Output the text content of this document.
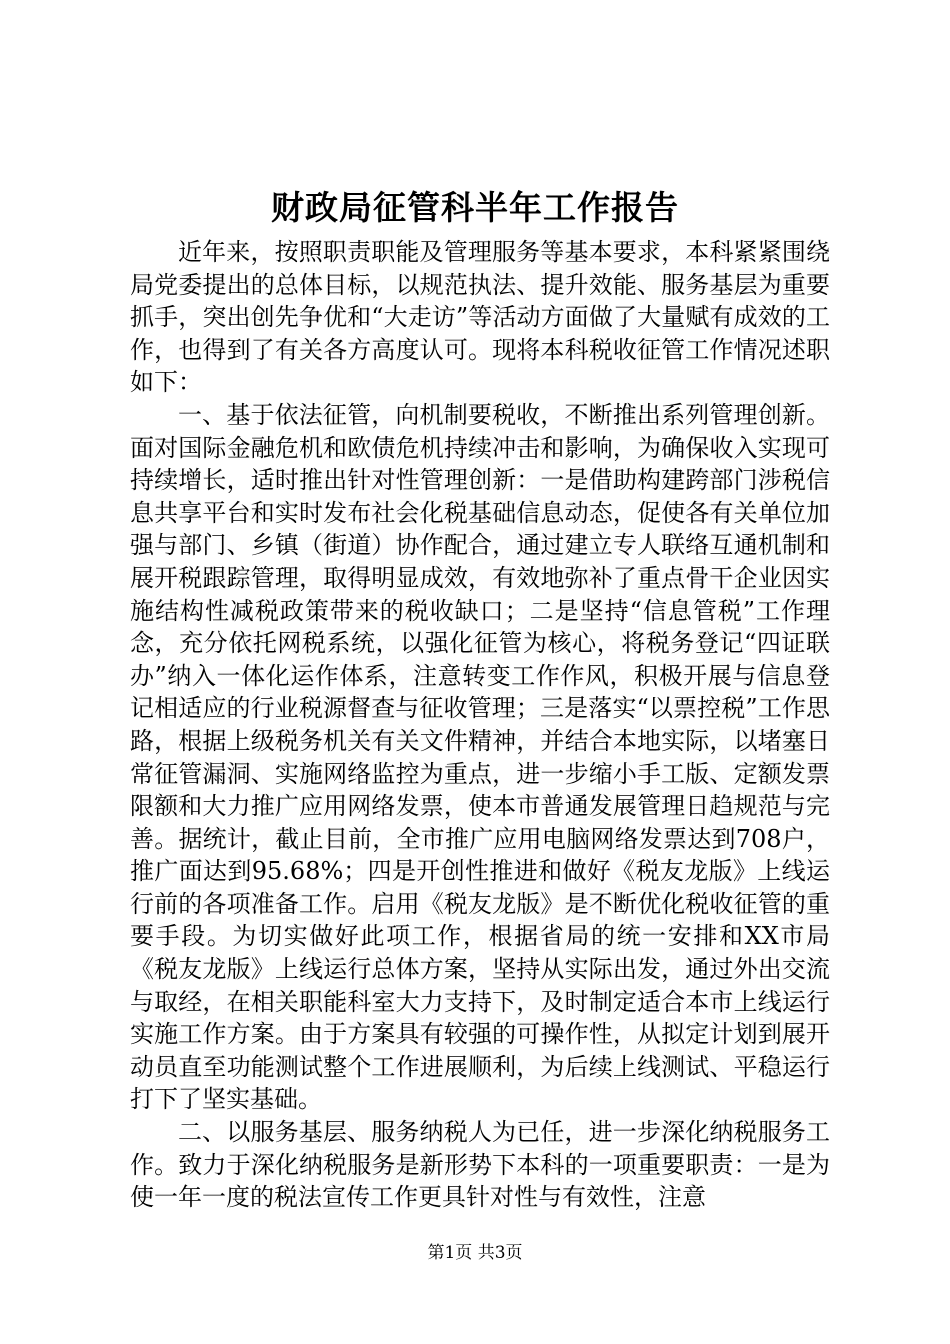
财政局征管科半年工作报告

近年来，按照职责职能及管理服务等基本要求，本科紧紧围绕局党委提出的总体目标，以规范执法、提升效能、服务基层为重要抓手，突出创先争优和“大走访”等活动方面做了大量赋有成效的工作，也得到了有关各方高度认可。现将本科税收征管工作情况述职如下：

一、基于依法征管，向机制要税收，不断推出系列管理创新。面对国际金融危机和欧债危机持续冲击和影响，为确保收入实现可持续增长，适时推出针对性管理创新：一是借助构建跨部门涉税信息共享平台和实时发布社会化税基础信息动态，促使各有关单位加强与部门、乡镇（街道）协作配合，通过建立专人联络互通机制和展开税跟踪管理，取得明显成效，有效地弥补了重点骨干企业因实施结构性减税政策带来的税收缺口；二是坚持“信息管税”工作理念，充分依托网税系统，以强化征管为核心，将税务登记“四证联办”纳入一体化运作体系，注意转变工作作风，积极开展与信息登记相适应的行业税源督查与征收管理；三是落实“以票控税”工作思路，根据上级税务机关有关文件精神，并结合本地实际，以堵塞日常征管漏洞、实施网络监控为重点，进一步缩小手工版、定额发票限额和大力推广应用网络发票，使本市普通发展管理日趋规范与完善。据统计，截止目前，全市推广应用电脑网络发票达到708户，推广面达到95.68%；四是开创性推进和做好《税友龙版》上线运行前的各项准备工作。启用《税友龙版》是不断优化税收征管的重要手段。为切实做好此项工作，根据省局的统一安排和XX市局《税友龙版》上线运行总体方案，坚持从实际出发，通过外出交流与取经，在相关职能科室大力支持下，及时制定适合本市上线运行实施工作方案。由于方案具有较强的可操作性，从拟定计划到展开动员直至功能测试整个工作进展顺利，为后续上线测试、平稳运行打下了坚实基础。

二、以服务基层、服务纳税人为已任，进一步深化纳税服务工作。致力于深化纳税服务是新形势下本科的一项重要职责：一是为使一年一度的税法宣传工作更具针对性与有效性，注意

第1页 共3页
